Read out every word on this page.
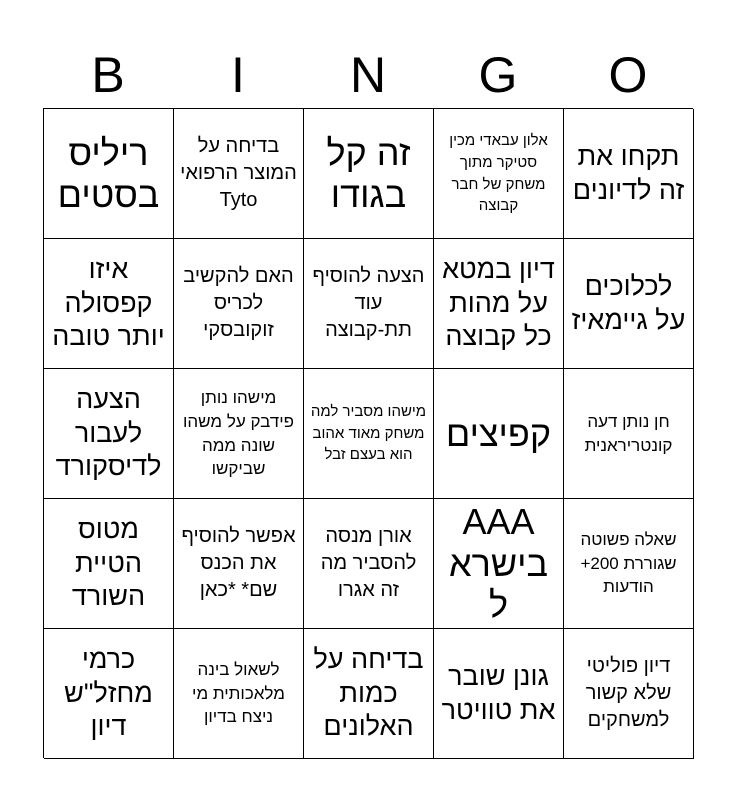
B	I	N	G	O
ריליס בסטים
בדיחה על המוצר הרפואי Tyto
זה קל בגודו
אלון עבאדי מכין סטיקר מתוך משחק של חבר קבוצה
תקחו את זה לדיונים
איזו קפסולה יותר טובה
האם להקשיב לכריס זוקובסקי
הצעה להוסיף עוד תת-קבוצה
דיון במטא על מהות כל קבוצה
לכלוכים על גיימאיז
הצעה לעבור לדיסקורד
מישהו נותן פידבק על משהו שונה ממה שביקשו
מישהו מסביר למה משחק מאוד אהוב הוא בעצם זבל
קפיצים	חן נותן דעה קונטריראנית
מטוס הטיית השורד
אפשר להוסיף את הכנס שם* *כאן
אורן מנסה להסביר מה זה אגרו
AAA בישראל
שאלה פשוטה שגוררת 200+ הודעות
כרמי מחזל"ש דיון
לשאול בינה מלאכותית מי ניצח בדיון
בדיחה על כמות האלונים
גונן שובר את טוויטר
דיון פוליטי שלא קשור למשחקים
